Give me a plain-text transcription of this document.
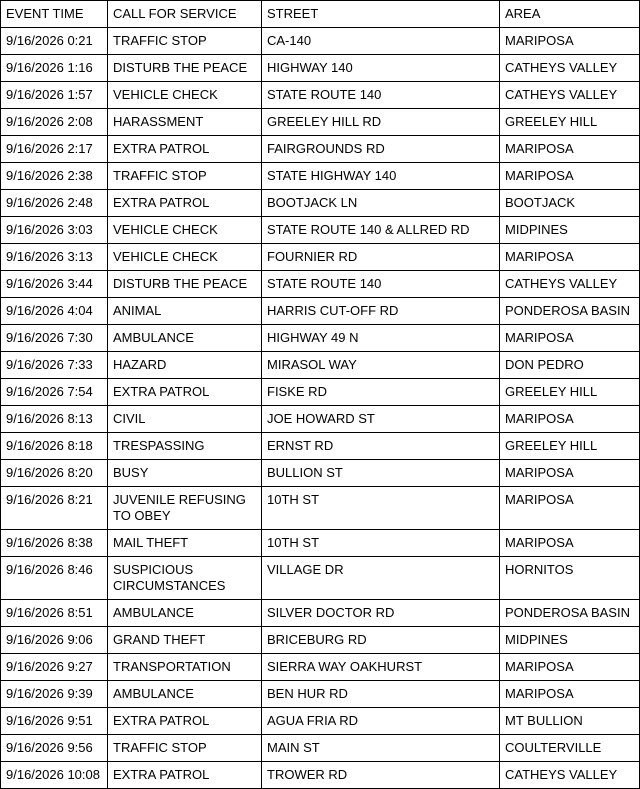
EVENT TIME	CALL FOR SERVICE	STREET	AREA
9/16/2026 0:21	TRAFFIC STOP	CA-140	MARIPOSA
9/16/2026 1:16	DISTURB THE PEACE	HIGHWAY 140	CATHEYS VALLEY
9/16/2026 1:57	VEHICLE CHECK	STATE ROUTE 140	CATHEYS VALLEY
9/16/2026 2:08	HARASSMENT	GREELEY HILL RD	GREELEY HILL
9/16/2026 2:17	EXTRA PATROL	FAIRGROUNDS RD	MARIPOSA
9/16/2026 2:38	TRAFFIC STOP	STATE HIGHWAY 140	MARIPOSA
9/16/2026 2:48	EXTRA PATROL	BOOTJACK LN	BOOTJACK
9/16/2026 3:03	VEHICLE CHECK	STATE ROUTE 140 & ALLRED RD	MIDPINES
9/16/2026 3:13	VEHICLE CHECK	FOURNIER RD	MARIPOSA
9/16/2026 3:44	DISTURB THE PEACE	STATE ROUTE 140	CATHEYS VALLEY
9/16/2026 4:04	ANIMAL	HARRIS CUT-OFF RD	PONDEROSA BASIN
9/16/2026 7:30	AMBULANCE	HIGHWAY 49 N	MARIPOSA
9/16/2026 7:33	HAZARD	MIRASOL WAY	DON PEDRO
9/16/2026 7:54	EXTRA PATROL	FISKE RD	GREELEY HILL
9/16/2026 8:13	CIVIL	JOE HOWARD ST	MARIPOSA
9/16/2026 8:18	TRESPASSING	ERNST RD	GREELEY HILL
9/16/2026 8:20	BUSY	BULLION ST	MARIPOSA
9/16/2026 8:21	JUVENILE REFUSING TO OBEY	10TH ST	MARIPOSA
9/16/2026 8:38	MAIL THEFT	10TH ST	MARIPOSA
9/16/2026 8:46	SUSPICIOUS CIRCUMSTANCES	VILLAGE DR	HORNITOS
9/16/2026 8:51	AMBULANCE	SILVER DOCTOR RD	PONDEROSA BASIN
9/16/2026 9:06	GRAND THEFT	BRICEBURG RD	MIDPINES
9/16/2026 9:27	TRANSPORTATION	SIERRA WAY OAKHURST	MARIPOSA
9/16/2026 9:39	AMBULANCE	BEN HUR RD	MARIPOSA
9/16/2026 9:51	EXTRA PATROL	AGUA FRIA RD	MT BULLION
9/16/2026 9:56	TRAFFIC STOP	MAIN ST	COULTERVILLE
9/16/2026 10:08	EXTRA PATROL	TROWER RD	CATHEYS VALLEY
